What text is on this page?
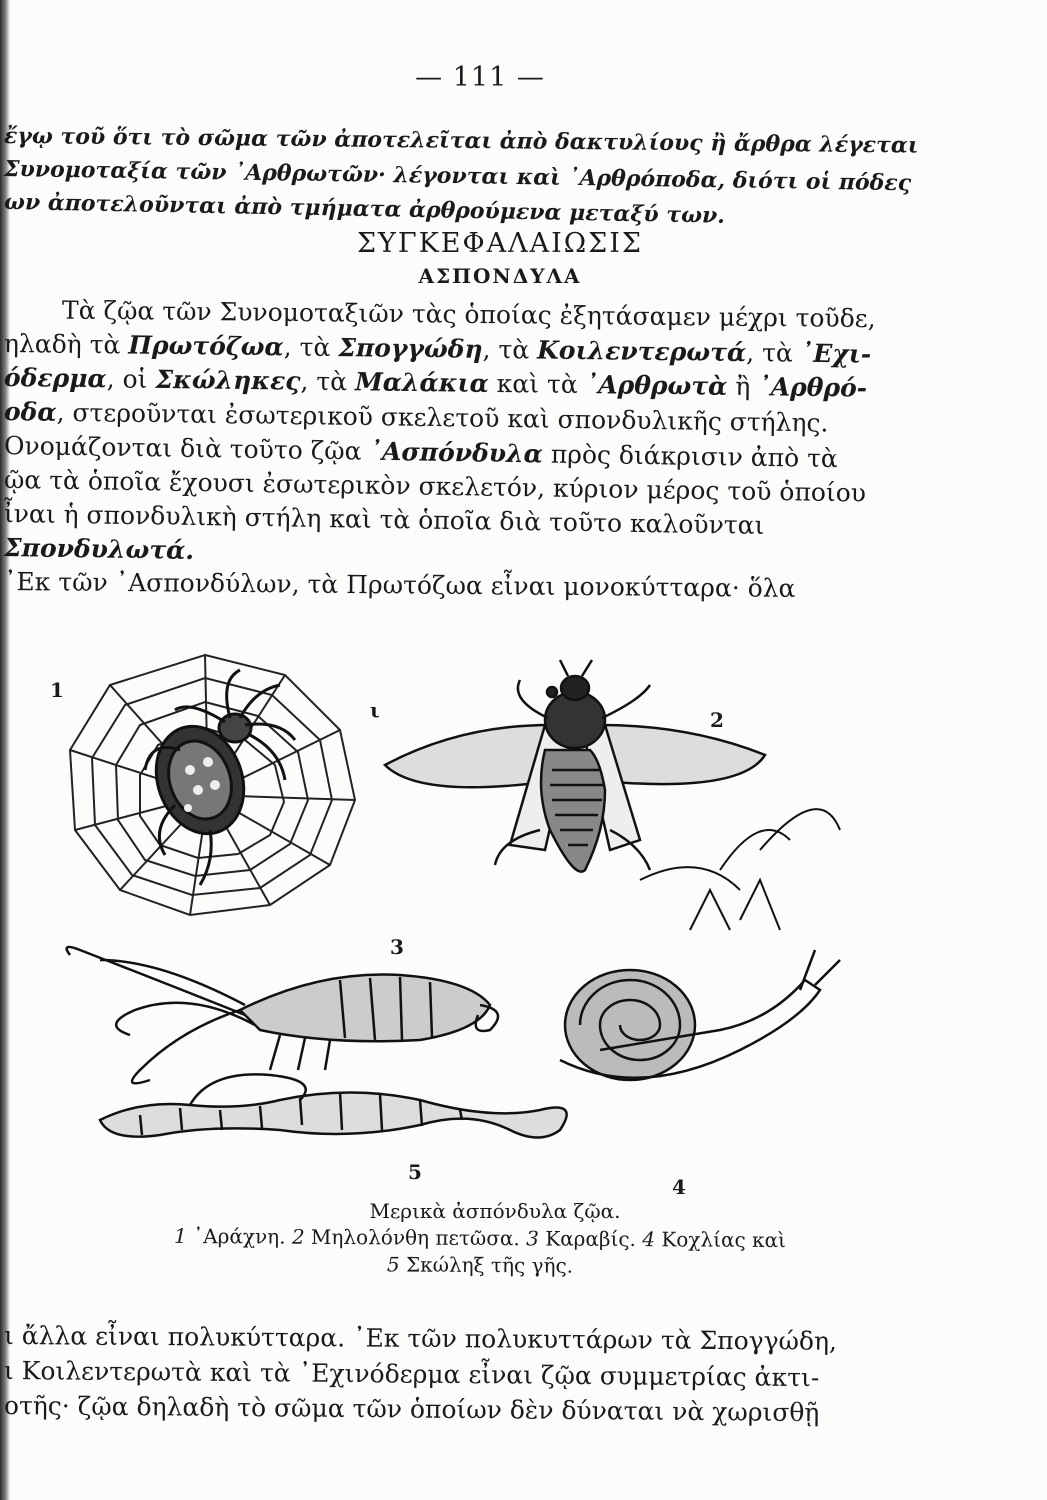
— 111 —
ἔγῳ τοῦ ὅτι τὸ σῶμα τῶν ἀποτελεῖται ἀπὸ δακτυλίους ἢ ἄρθρα λέγεται
Συνομοταξία τῶν ᾿Αρθρωτῶν· λέγονται καὶ ᾿Αρθρόποδα, διότι οἱ πόδες
ων ἀποτελοῦνται ἀπὸ τμήματα ἀρθρούμενα μεταξύ των.
ΣΥΓΚΕΦΑΛΑΙΩΣΙΣ
ΑΣΠΟΝΔΥΛΑ
Τὰ ζῷα τῶν Συνομοταξιῶν τὰς ὁποίας ἐξητάσαμεν μέχρι τοῦδε,
ηλαδὴ τὰ Πρωτόζωα, τὰ Σπογγώδη, τὰ Κοιλεντερωτά, τὰ ᾿Εχι-
όδερμα, οἱ Σκώληκες, τὰ Μαλάκια καὶ τὰ ᾿Αρθρωτὰ ἢ ᾿Αρθρό-
οδα, στεροῦνται ἐσωτερικοῦ σκελετοῦ καὶ σπονδυλικῆς στήλης.
Ονομάζονται διὰ τοῦτο ζῷα ᾿Ασπόνδυλα πρὸς διάκρισιν ἀπὸ τὰ
ῷα τὰ ὁποῖα ἔχουσι ἐσωτερικὸν σκελετόν, κύριον μέρος τοῦ ὁποίου
ἶναι ἡ σπονδυλικὴ στήλη καὶ τὰ ὁποῖα διὰ τοῦτο καλοῦνται
Σπονδυλωτά.
᾿Εκ τῶν ᾿Ασπονδύλων, τὰ Πρωτόζωα εἶναι μονοκύτταρα· ὅλα
1
ι	2
3
4
5
Μερικὰ ἀσπόνδυλα ζῷα.
1 ᾿Αράχνη. 2 Μηλολόνθη πετῶσα. 3 Καραβίς. 4 Κοχλίας καὶ
5 Σκώληξ τῆς γῆς.
ι ἄλλα εἶναι πολυκύτταρα. ᾿Εκ τῶν πολυκυττάρων τὰ Σπογγώδη,
ι Κοιλεντερωτὰ καὶ τὰ ᾿Εχινόδερμα εἶναι ζῷα συμμετρίας ἀκτι-
οτῆς· ζῷα δηλαδὴ τὸ σῶμα τῶν ὁποίων δὲν δύναται νὰ χωρισθῇ
